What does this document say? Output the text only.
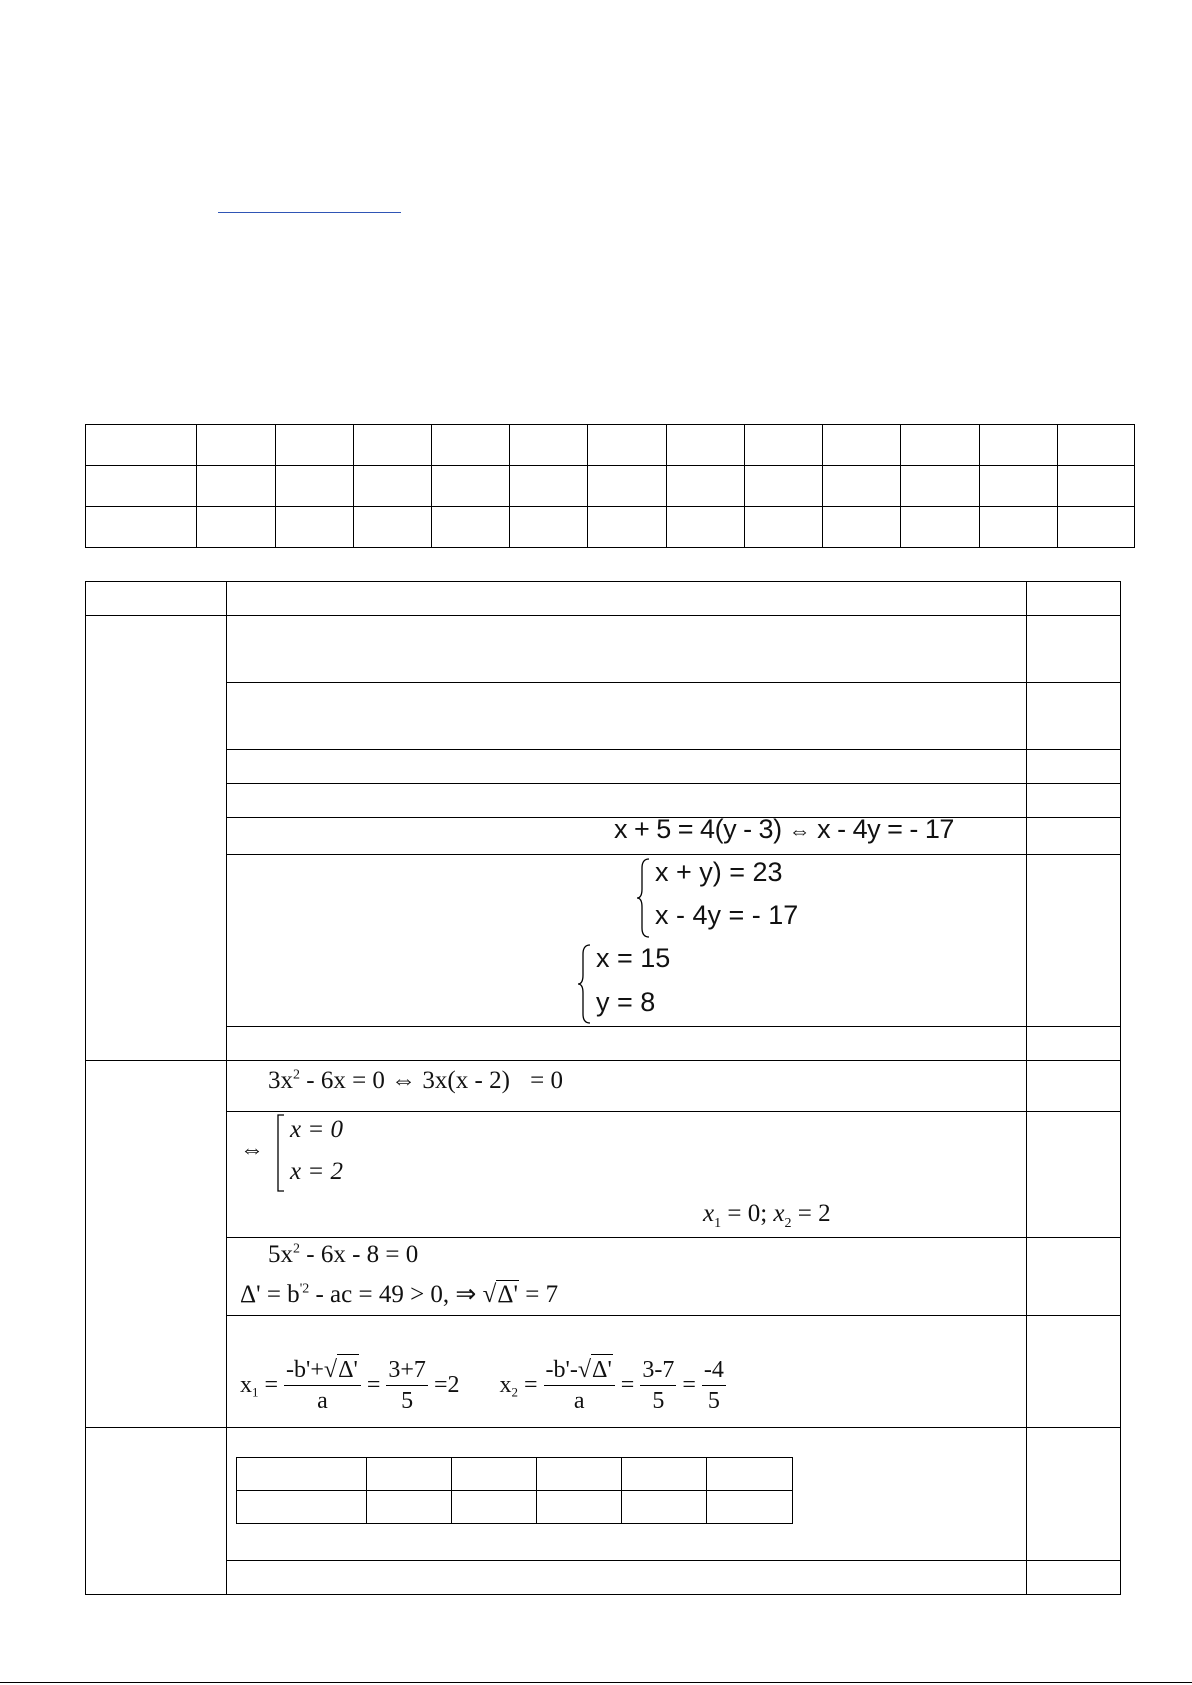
x + 5 = 4(y - 3) ⇔ x - 4y = - 17
x + y) = 23
x - 4y = - 17
x = 15
y = 8
$3x^2 - 6x = 0$ ⇔ 3x(x - 2) = 0
⇔
x = 0
x = 2
$x_1 = 0$; $x_2 = 2$
$5x^2 - 6x - 8 = 0$
$\Delta' = b^{'2}$ - ac = 49 > 0, ⇒ √Δ' = 7
$x_1 = \frac{-b'+√\Delta'}{a} = \frac{3+7}{5} =2$ $x_2 = \frac{-b'-√\Delta'}{a} = \frac{3-7}{5} = \frac{-4}{5}$
